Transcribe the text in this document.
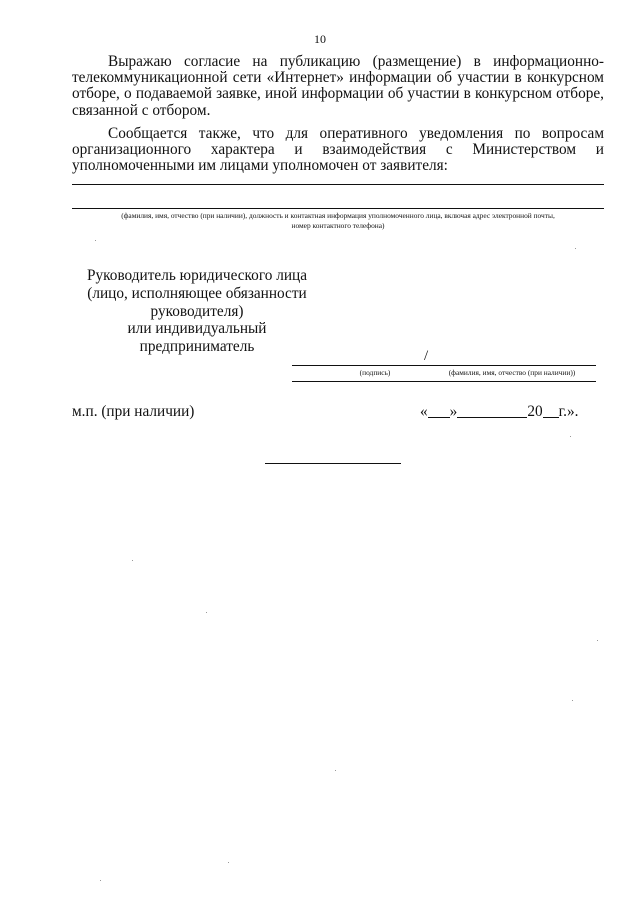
10
Выражаю согласие на публикацию (размещение) в информационно-телекоммуникационной сети «Интернет» информации об участии в конкурсном отборе, о подаваемой заявке, иной информации об участии в конкурсном отборе, связанной с отбором.
Сообщается также, что для оперативного уведомления по вопросам организационного характера и взаимодействия с Министерством и уполномоченными им лицами уполномочен от заявителя:
(фамилия, имя, отчество (при наличии), должность и контактная информация уполномоченного лица, включая адрес электронной почты,
номер контактного телефона)
Руководитель юридического лица
(лицо, исполняющее обязанности
руководителя)
или индивидуальный
предприниматель
/
(подпись)	(фамилия, имя, отчество (при наличии))
м.п. (при наличии)	« »	20 г.».
